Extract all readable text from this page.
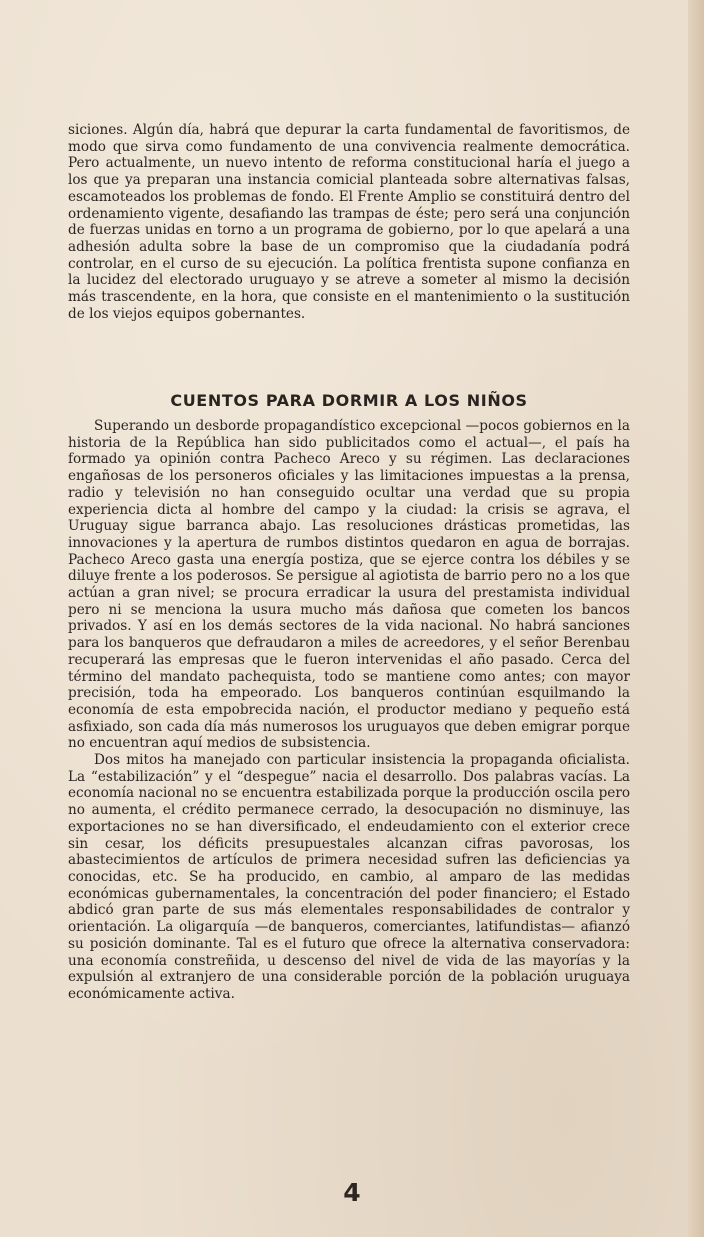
siciones. Algún día, habrá que depurar la carta fundamental de favoritismos, de modo que sirva como fundamento de una convivencia realmente democrática. Pero actualmente, un nuevo intento de reforma constitucional haría el juego a los que ya preparan una instancia comicial planteada sobre alternativas falsas, escamoteados los problemas de fondo. El Frente Amplio se constituirá dentro del ordenamiento vigente, desafiando las trampas de éste; pero será una conjunción de fuerzas unidas en torno a un programa de gobierno, por lo que apelará a una adhesión adulta sobre la base de un compromiso que la ciudadanía podrá controlar, en el curso de su ejecución. La política frentista supone confianza en la lucidez del electorado uruguayo y se atreve a someter al mismo la decisión más trascendente, en la hora, que consiste en el mantenimiento o la sustitución de los viejos equipos gobernantes.

CUENTOS PARA DORMIR A LOS NIÑOS

Superando un desborde propagandístico excepcional —pocos gobiernos en la historia de la República han sido publicitados como el actual—, el país ha formado ya opinión contra Pacheco Areco y su régimen. Las declaraciones engañosas de los personeros oficiales y las limitaciones impuestas a la prensa, radio y televisión no han conseguido ocultar una verdad que su propia experiencia dicta al hombre del campo y la ciudad: la crisis se agrava, el Uruguay sigue barranca abajo. Las resoluciones drásticas prometidas, las innovaciones y la apertura de rumbos distintos quedaron en agua de borrajas. Pacheco Areco gasta una energía postiza, que se ejerce contra los débiles y se diluye frente a los poderosos. Se persigue al agiotista de barrio pero no a los que actúan a gran nivel; se procura erradicar la usura del prestamista individual pero ni se menciona la usura mucho más dañosa que cometen los bancos privados. Y así en los demás sectores de la vida nacional. No habrá sanciones para los banqueros que defraudaron a miles de acreedores, y el señor Berenbau recuperará las empresas que le fueron intervenidas el año pasado. Cerca del término del mandato pachequista, todo se mantiene como antes; con mayor precisión, toda ha empeorado. Los banqueros continúan esquilmando la economía de esta empobrecida nación, el productor mediano y pequeño está asfixiado, son cada día más numerosos los uruguayos que deben emigrar porque no encuentran aquí medios de subsistencia.

Dos mitos ha manejado con particular insistencia la propaganda oficialista. La “estabilización” y el “despegue” nacia el desarrollo. Dos palabras vacías. La economía nacional no se encuentra estabilizada porque la producción oscila pero no aumenta, el crédito permanece cerrado, la desocupación no disminuye, las exportaciones no se han diversificado, el endeudamiento con el exterior crece sin cesar, los déficits presupuestales alcanzan cifras pavorosas, los abastecimientos de artículos de primera necesidad sufren las deficiencias ya conocidas, etc. Se ha producido, en cambio, al amparo de las medidas económicas gubernamentales, la concentración del poder financiero; el Estado abdicó gran parte de sus más elementales responsabilidades de contralor y orientación. La oligarquía —de banqueros, comerciantes, latifundistas— afianzó su posición dominante. Tal es el futuro que ofrece la alternativa conservadora: una economía constreñida, u descenso del nivel de vida de las mayorías y la expulsión al extranjero de una considerable porción de la población uruguaya económicamente activa.

4
